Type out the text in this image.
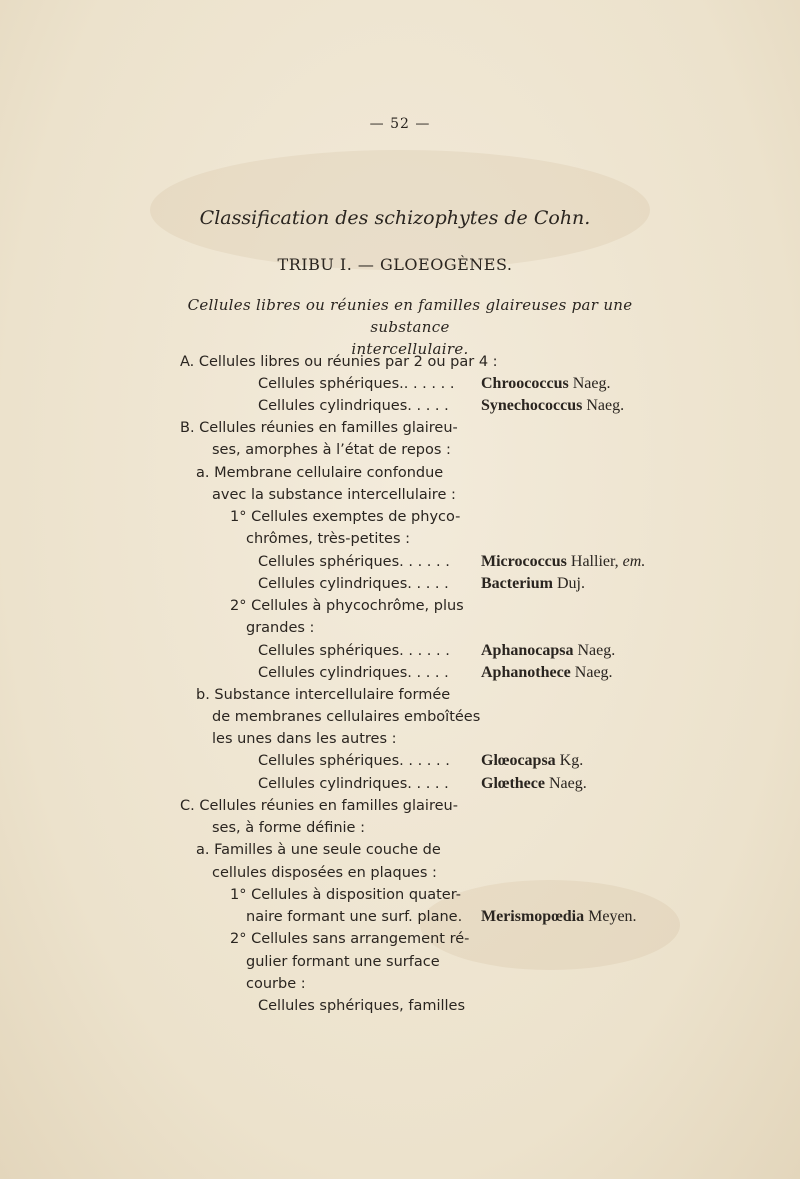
— 52 —
Classification des schizophytes de Cohn.
TRIBU I. — GLOEOGÈNES.
Cellules libres ou réunies en familles glaireuses par une substance
intercellulaire.
A. Cellules libres ou réunies par 2 ou par 4 :
Cellules sphériques.. . . . . .
Cellules cylindriques. . . . .
B. Cellules réunies en familles glaireu-
ses, amorphes à l’état de repos :
a. Membrane cellulaire confondue
avec la substance intercellulaire :
1° Cellules exemptes de phyco-
chrômes, très-petites :
Cellules sphériques. . . . . .
Cellules cylindriques. . . . .
2° Cellules à phycochrôme, plus
grandes :
Cellules sphériques. . . . . .
Cellules cylindriques. . . . .
b. Substance intercellulaire formée
de membranes cellulaires emboîtées
les unes dans les autres :
Cellules sphériques. . . . . .
Cellules cylindriques. . . . .
C. Cellules réunies en familles glaireu-
ses, à forme définie :
a. Familles à une seule couche de
cellules disposées en plaques :
1° Cellules à disposition quater-
naire formant une surf. plane.
2° Cellules sans arrangement ré-
gulier formant une surface
courbe :
Cellules sphériques, familles
Chroococcus Naeg.
Synechococcus Naeg.
Micrococcus Hallier, em.
Bacterium Duj.
Aphanocapsa Naeg.
Aphanothece Naeg.
Glœocapsa Kg.
Glœthece Naeg.
Merismopœdia Meyen.
